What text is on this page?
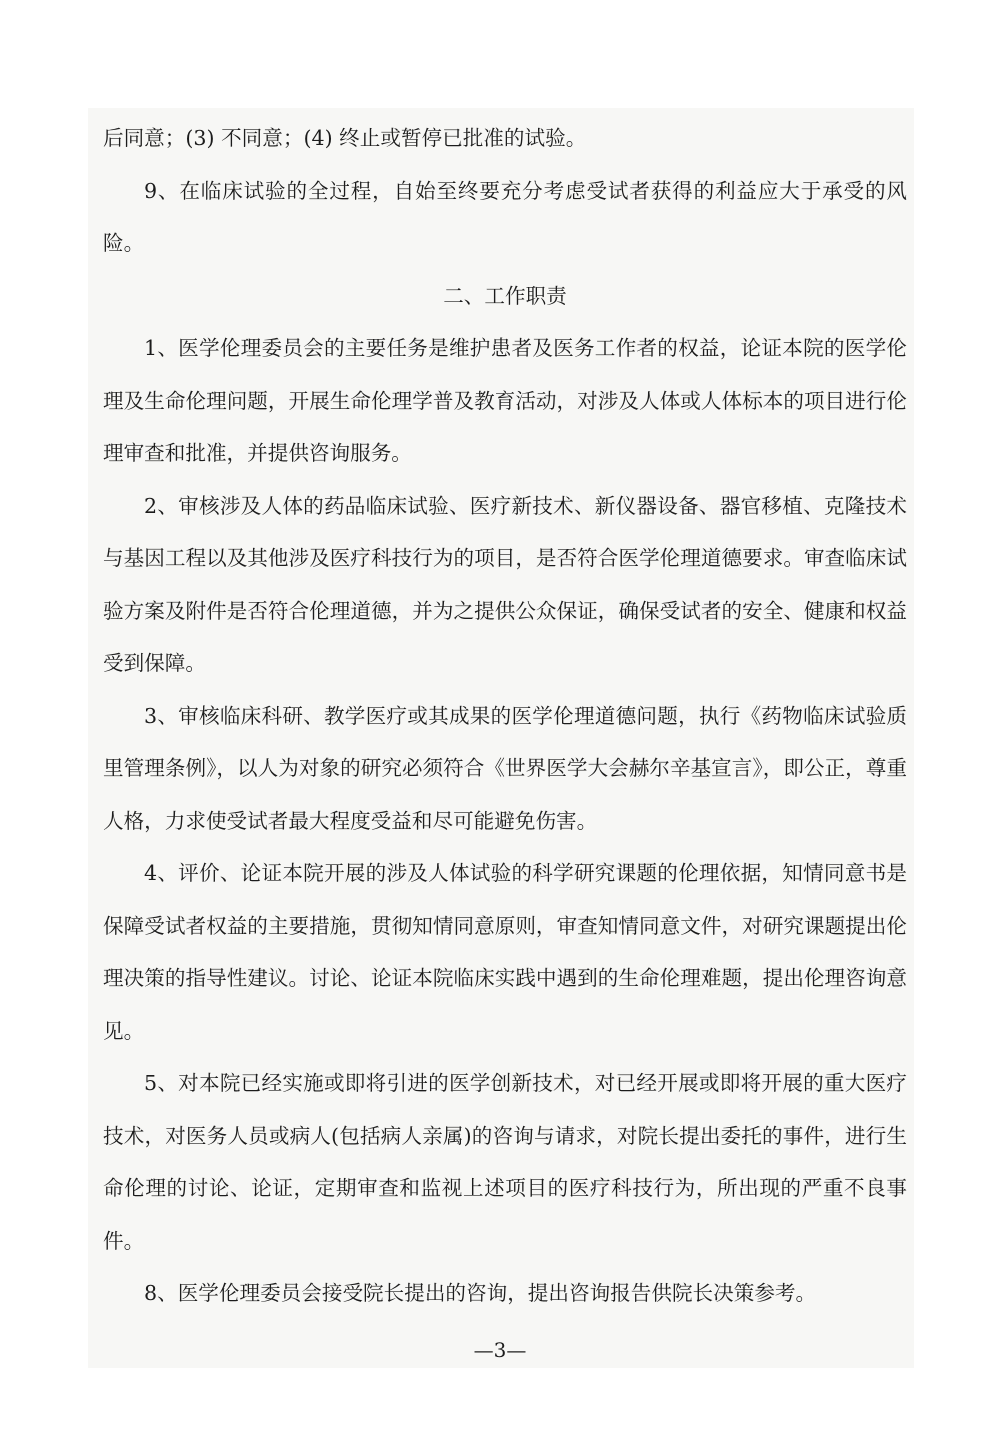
后同意；(3) 不同意；(4) 终止或暂停已批准的试验。

9、在临床试验的全过程，自始至终要充分考虑受试者获得的利益应大于承受的风险。

二、工作职责

1、医学伦理委员会的主要任务是维护患者及医务工作者的权益，论证本院的医学伦理及生命伦理问题，开展生命伦理学普及教育活动，对涉及人体或人体标本的项目进行伦理审查和批准，并提供咨询服务。

2、审核涉及人体的药品临床试验、医疗新技术、新仪器设备、器官移植、克隆技术与基因工程以及其他涉及医疗科技行为的项目，是否符合医学伦理道德要求。审查临床试验方案及附件是否符合伦理道德，并为之提供公众保证，确保受试者的安全、健康和权益受到保障。

3、审核临床科研、教学医疗或其成果的医学伦理道德问题，执行《药物临床试验质里管理条例》，以人为对象的研究必须符合《世界医学大会赫尔辛基宣言》，即公正，尊重人格，力求使受试者最大程度受益和尽可能避免伤害。

4、评价、论证本院开展的涉及人体试验的科学研究课题的伦理依据，知情同意书是保障受试者权益的主要措施，贯彻知情同意原则，审查知情同意文件，对研究课题提出伦理决策的指导性建议。讨论、论证本院临床实践中遇到的生命伦理难题，提出伦理咨询意见。

5、对本院已经实施或即将引进的医学创新技术，对已经开展或即将开展的重大医疗技术，对医务人员或病人(包括病人亲属)的咨询与请求，对院长提出委托的事件，进行生命伦理的讨论、论证，定期审查和监视上述项目的医疗科技行为，所出现的严重不良事件。

8、医学伦理委员会接受院长提出的咨询，提出咨询报告供院长决策参考。

—3—
